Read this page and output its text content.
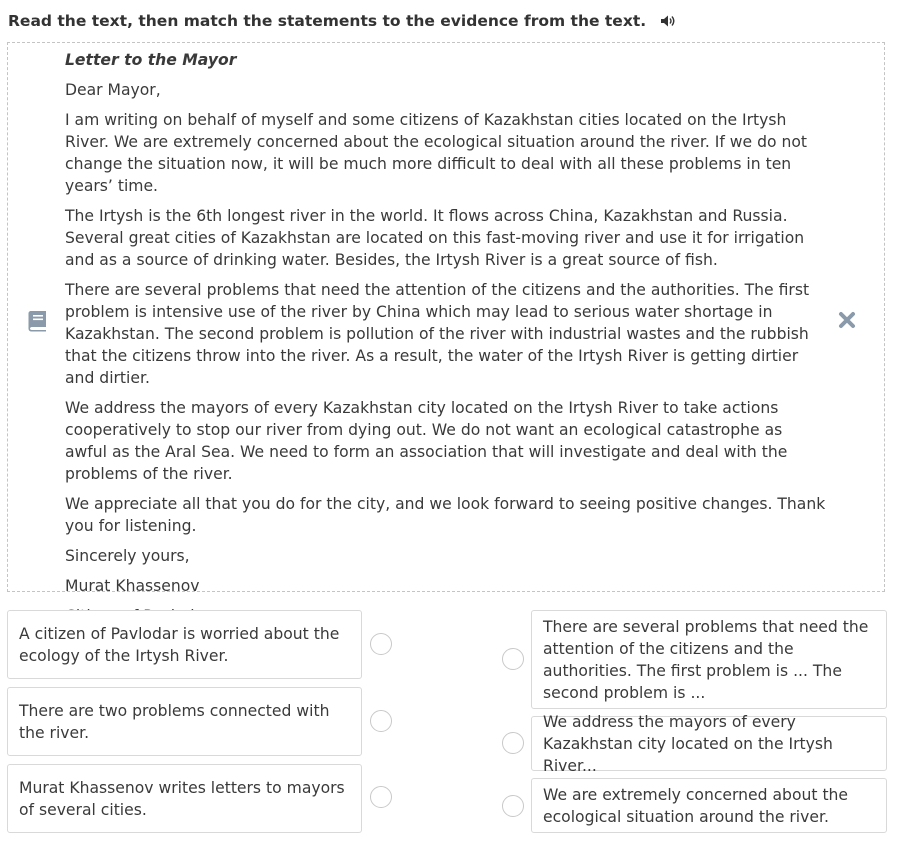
Read the text, then match the statements to the evidence from the text.

Letter to the Mayor

Dear Mayor,

I am writing on behalf of myself and some citizens of Kazakhstan cities located on the Irtysh River. We are extremely concerned about the ecological situation around the river. If we do not change the situation now, it will be much more difficult to deal with all these problems in ten years’ time.

The Irtysh is the 6th longest river in the world. It flows across China, Kazakhstan and Russia. Several great cities of Kazakhstan are located on this fast-moving river and use it for irrigation and as a source of drinking water. Besides, the Irtysh River is a great source of fish.

There are several problems that need the attention of the citizens and the authorities. The first problem is intensive use of the river by China which may lead to serious water shortage in Kazakhstan. The second problem is pollution of the river with industrial wastes and the rubbish that the citizens throw into the river. As a result, the water of the Irtysh River is getting dirtier and dirtier.

We address the mayors of every Kazakhstan city located on the Irtysh River to take actions cooperatively to stop our river from dying out. We do not want an ecological catastrophe as awful as the Aral Sea. We need to form an association that will investigate and deal with the problems of the river.

We appreciate all that you do for the city, and we look forward to seeing positive changes. Thank you for listening.

Sincerely yours,

Murat Khassenov

A citizen of Pavlodar is worried about the ecology of the Irtysh River.
There are two problems connected with the river.
Murat Khassenov writes letters to mayors of several cities.
There are several problems that need the attention of the citizens and the authorities. The first problem is ... The second problem is ...
We address the mayors of every Kazakhstan city located on the Irtysh River...
We are extremely concerned about the ecological situation around the river.
